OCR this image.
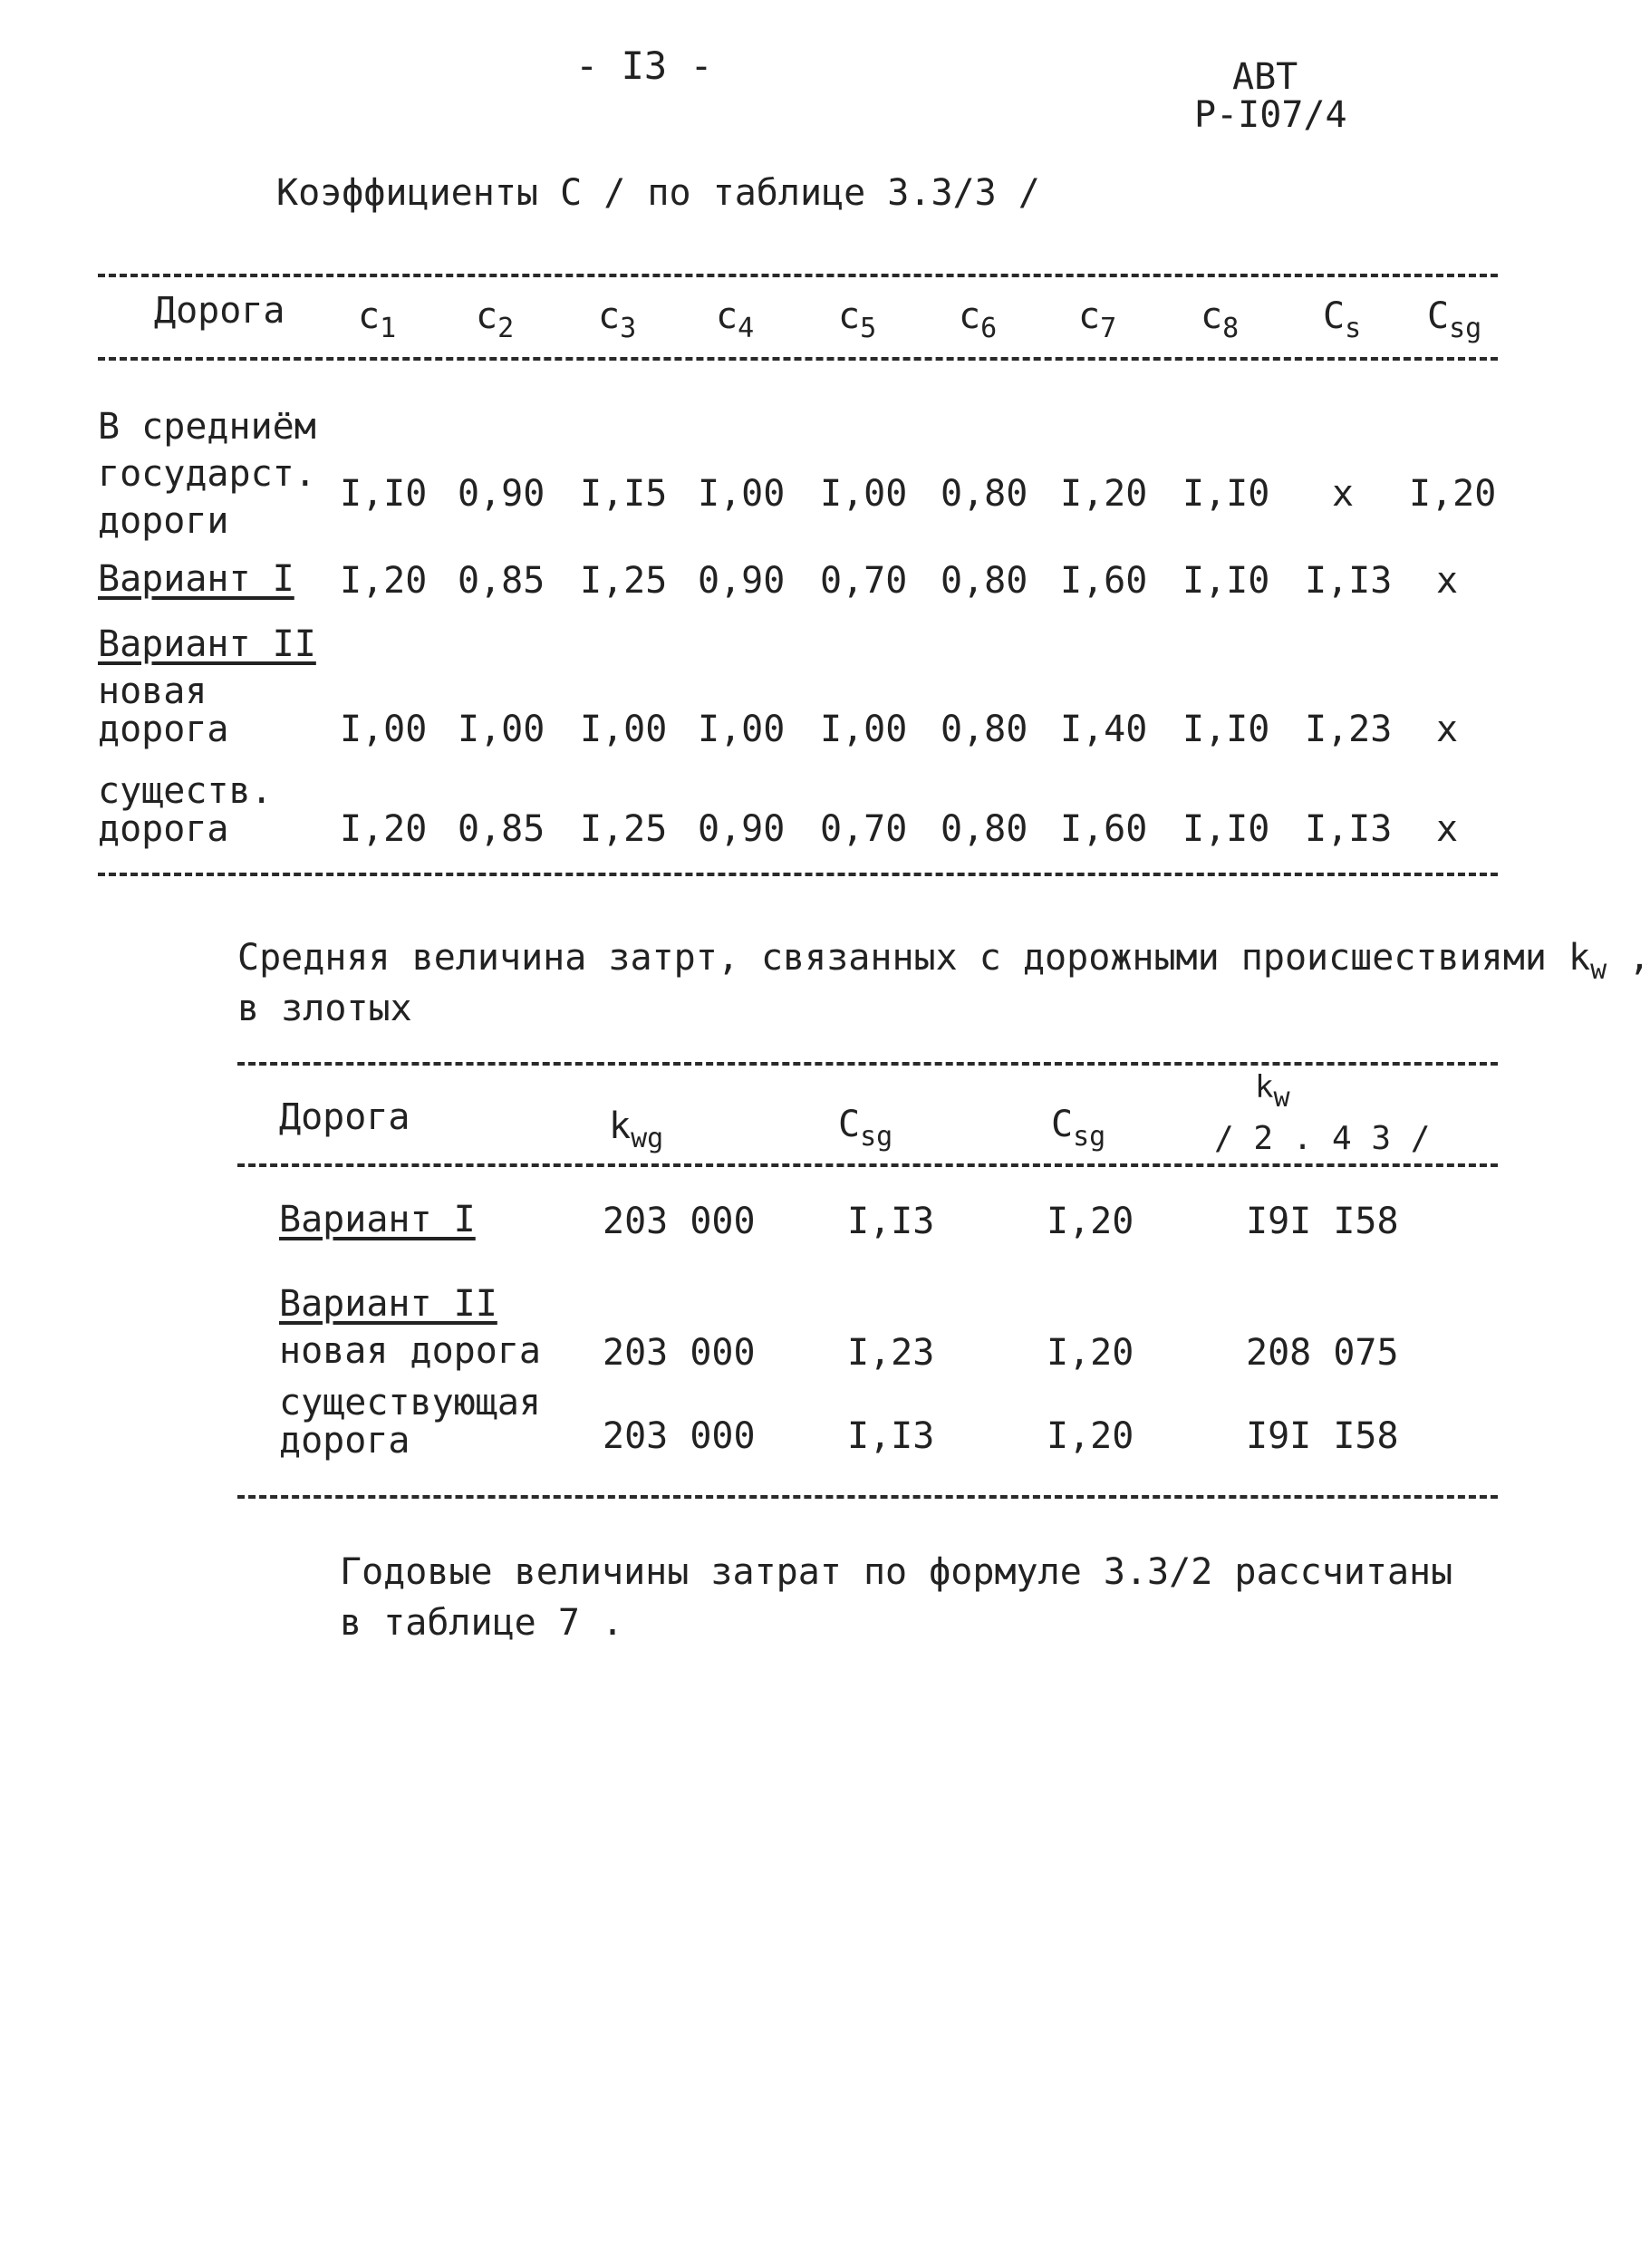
- I3 -	АВТ
Р-I07/4
Коэффициенты С / по таблице 3.3/3 /
Дорога $c_1$ $c_2$ $c_3$ $c_4$ $c_5$ $c_6$ $c_7$ $c_8$ $C_s$ $C_{sg}$
В средниём
государст.
дороги
I,I0 0,90 I,I5 I,00 I,00 0,80 I,20 I,I0 x I,20
Вариант I I,20 0,85 I,25 0,90 0,70 0,80 I,60 I,I0 I,I3 x
Вариант II
новая
дорога	I,00 I,00 I,00 I,00 I,00 0,80 I,40 I,I0 I,23 x
существ.
дорога	I,20 0,85 I,25 0,90 0,70 0,80 I,60 I,I0 I,I3 x
Средняя величина затрт, связанных с дорожными происшествиями $k_w$ ,
в злотых
Дорога	$k_{wg}$	$C_{sg}$	$C_{sg}$
$k_w$
/ 2 . 4 3 /
Вариант I	203 000	I,I3	I,20	I9I I58
Вариант II
новая дорога 203 000	I,23	I,20	208 075
существующая
дорога	203 000	I,I3	I,20	I9I I58
Годовые величины затрат по формуле 3.3/2 рассчитаны
в таблице 7 .
